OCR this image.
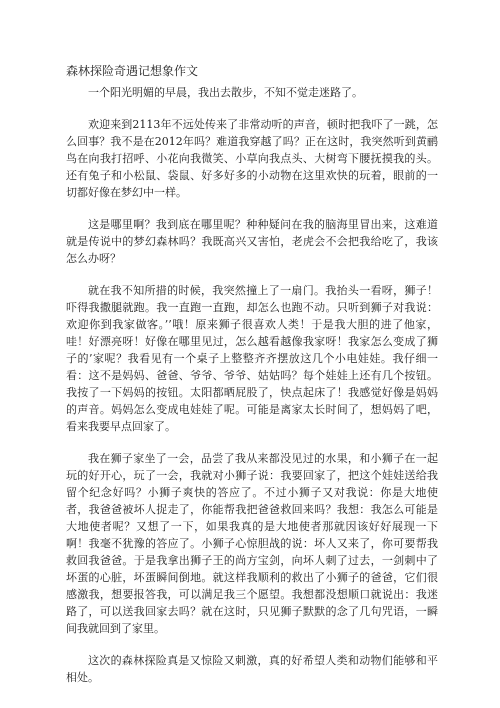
森林探险奇遇记想象作文

一个阳光明媚的早晨，我出去散步，不知不觉走迷路了。

欢迎来到2113年不远处传来了非常动听的声音，顿时把我吓了一跳，怎么回事？我不是在2012年吗？难道我穿越了吗？正在这时，我突然听到黄鹂鸟在向我打招呼、小花向我微笑、小草向我点头、大树弯下腰抚摸我的头。还有兔子和小松鼠、袋鼠、好多好多的小动物在这里欢快的玩着，眼前的一切都好像在梦幻中一样。

这是哪里啊？我到底在哪里呢？种种疑问在我的脑海里冒出来，这难道就是传说中的梦幻森林吗？我既高兴又害怕，老虎会不会把我给吃了，我该怎么办呀？

就在我不知所措的时候，我突然撞上了一扇门。我抬头一看呀，狮子！吓得我撒腿就跑。我一直跑一直跑，却怎么也跑不动。只听到狮子对我说：欢迎你到我家做客。’’哦！原来狮子很喜欢人类！于是我大胆的进了他家，哇！好漂亮呀！好像在哪里见过，怎么越看越像我家呀！我家怎么变成了狮子的’家呢？我看见有一个桌子上整整齐齐摆放这几个小电娃娃。我仔细一看：这不是妈妈、爸爸、爷爷、爷爷、姑姑吗？每个娃娃上还有几个按钮。我按了一下妈妈的按钮。太阳都晒屁股了，快点起床了！我感觉好像是妈妈的声音。妈妈怎么变成电娃娃了呢。可能是离家太长时间了，想妈妈了吧，看来我要早点回家了。

我在狮子家坐了一会，品尝了我从来都没见过的水果，和小狮子在一起玩的好开心，玩了一会，我就对小狮子说：我要回家了，把这个娃娃送给我留个纪念好吗？小狮子爽快的答应了。不过小狮子又对我说：你是大地使者，我爸爸被坏人捉走了，你能帮我把爸爸救回来吗？我想：我怎么可能是大地使者呢？又想了一下，如果我真的是大地使者那就因该好好展现一下啊！我毫不犹豫的答应了。小狮子心惊胆战的说：坏人又来了，你可要帮我救回我爸爸。于是我拿出狮子王的尚方宝剑，向坏人刺了过去，一剑刺中了坏蛋的心脏，坏蛋瞬间倒地。就这样我顺利的救出了小狮子的爸爸，它们很感激我，想要报答我，可以满足我三个愿望。我想都没想顺口就说出：我迷路了，可以送我回家去吗？就在这时，只见狮子默默的念了几句咒语，一瞬间我就回到了家里。

这次的森林探险真是又惊险又刺激，真的好希望人类和动物们能够和平相处。
